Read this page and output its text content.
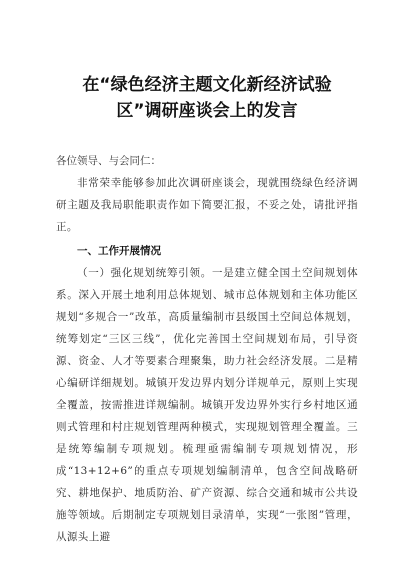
在“绿色经济主题文化新经济试验
区”调研座谈会上的发言

各位领导、与会同仁：

非常荣幸能够参加此次调研座谈会，现就围绕绿色经济调研主题及我局职能职责作如下简要汇报，不妥之处，请批评指正。

一、工作开展情况

（一）强化规划统筹引领。一是建立健全国土空间规划体系。深入开展土地利用总体规划、城市总体规划和主体功能区规划“多规合一”改革，高质量编制市县级国土空间总体规划，统筹划定“三区三线”，优化完善国土空间规划布局，引导资源、资金、人才等要素合理聚集，助力社会经济发展。二是精心编研详细规划。城镇开发边界内划分详规单元，原则上实现全覆盖，按需推进详规编制。城镇开发边界外实行乡村地区通则式管理和村庄规划管理两种模式，实现规划管理全覆盖。三是统筹编制专项规划。梳理亟需编制专项规划情况，形成“13+12+6”的重点专项规划编制清单，包含空间战略研究、耕地保护、地质防治、矿产资源、综合交通和城市公共设施等领域。后期制定专项规划目录清单，实现“一张图”管理，从源头上避
